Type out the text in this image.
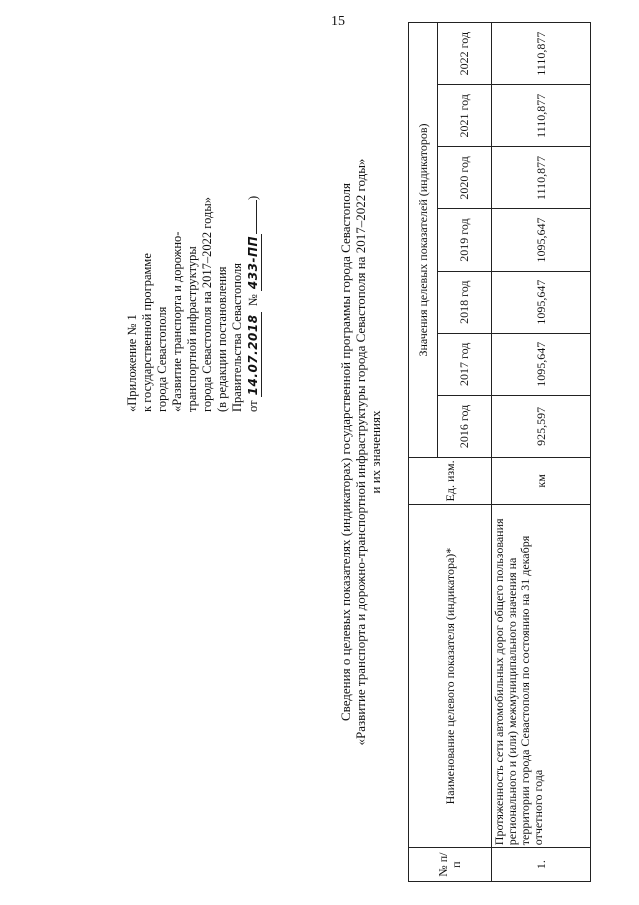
15
«Приложение № 1 к государственной программе города Севастополя «Развитие транспорта и дорожно- транспортной инфраструктуры города Севастополя на 2017–2022 годы» (в редакции постановления Правительства Севастополя от 14.07.2018  № 433-ПП)	Сведения о целевых показателях (индикаторах) государственной программы города Севастополя «Развитие транспорта и дорожно-транспортной инфраструктуры города Севастополя на 2017–2022 годы» и их значениях
№ п/п	Наименование целевого показателя (индикатора)*	Ед. изм.	Значения целевых показателей (индикаторов)						
			2016 год	2017 год	2018 год	2019 год	2020 год	2021 год	2022 год
1.	Протяженность сети автомобильных дорог общего пользования регионального и (или) межмуниципального значения на территории города Севастополя по состоянию на 31 декабря отчетного года	км	925,597	1095,647	1095,647	1095,647	1110,877	1110,877	1110,877
